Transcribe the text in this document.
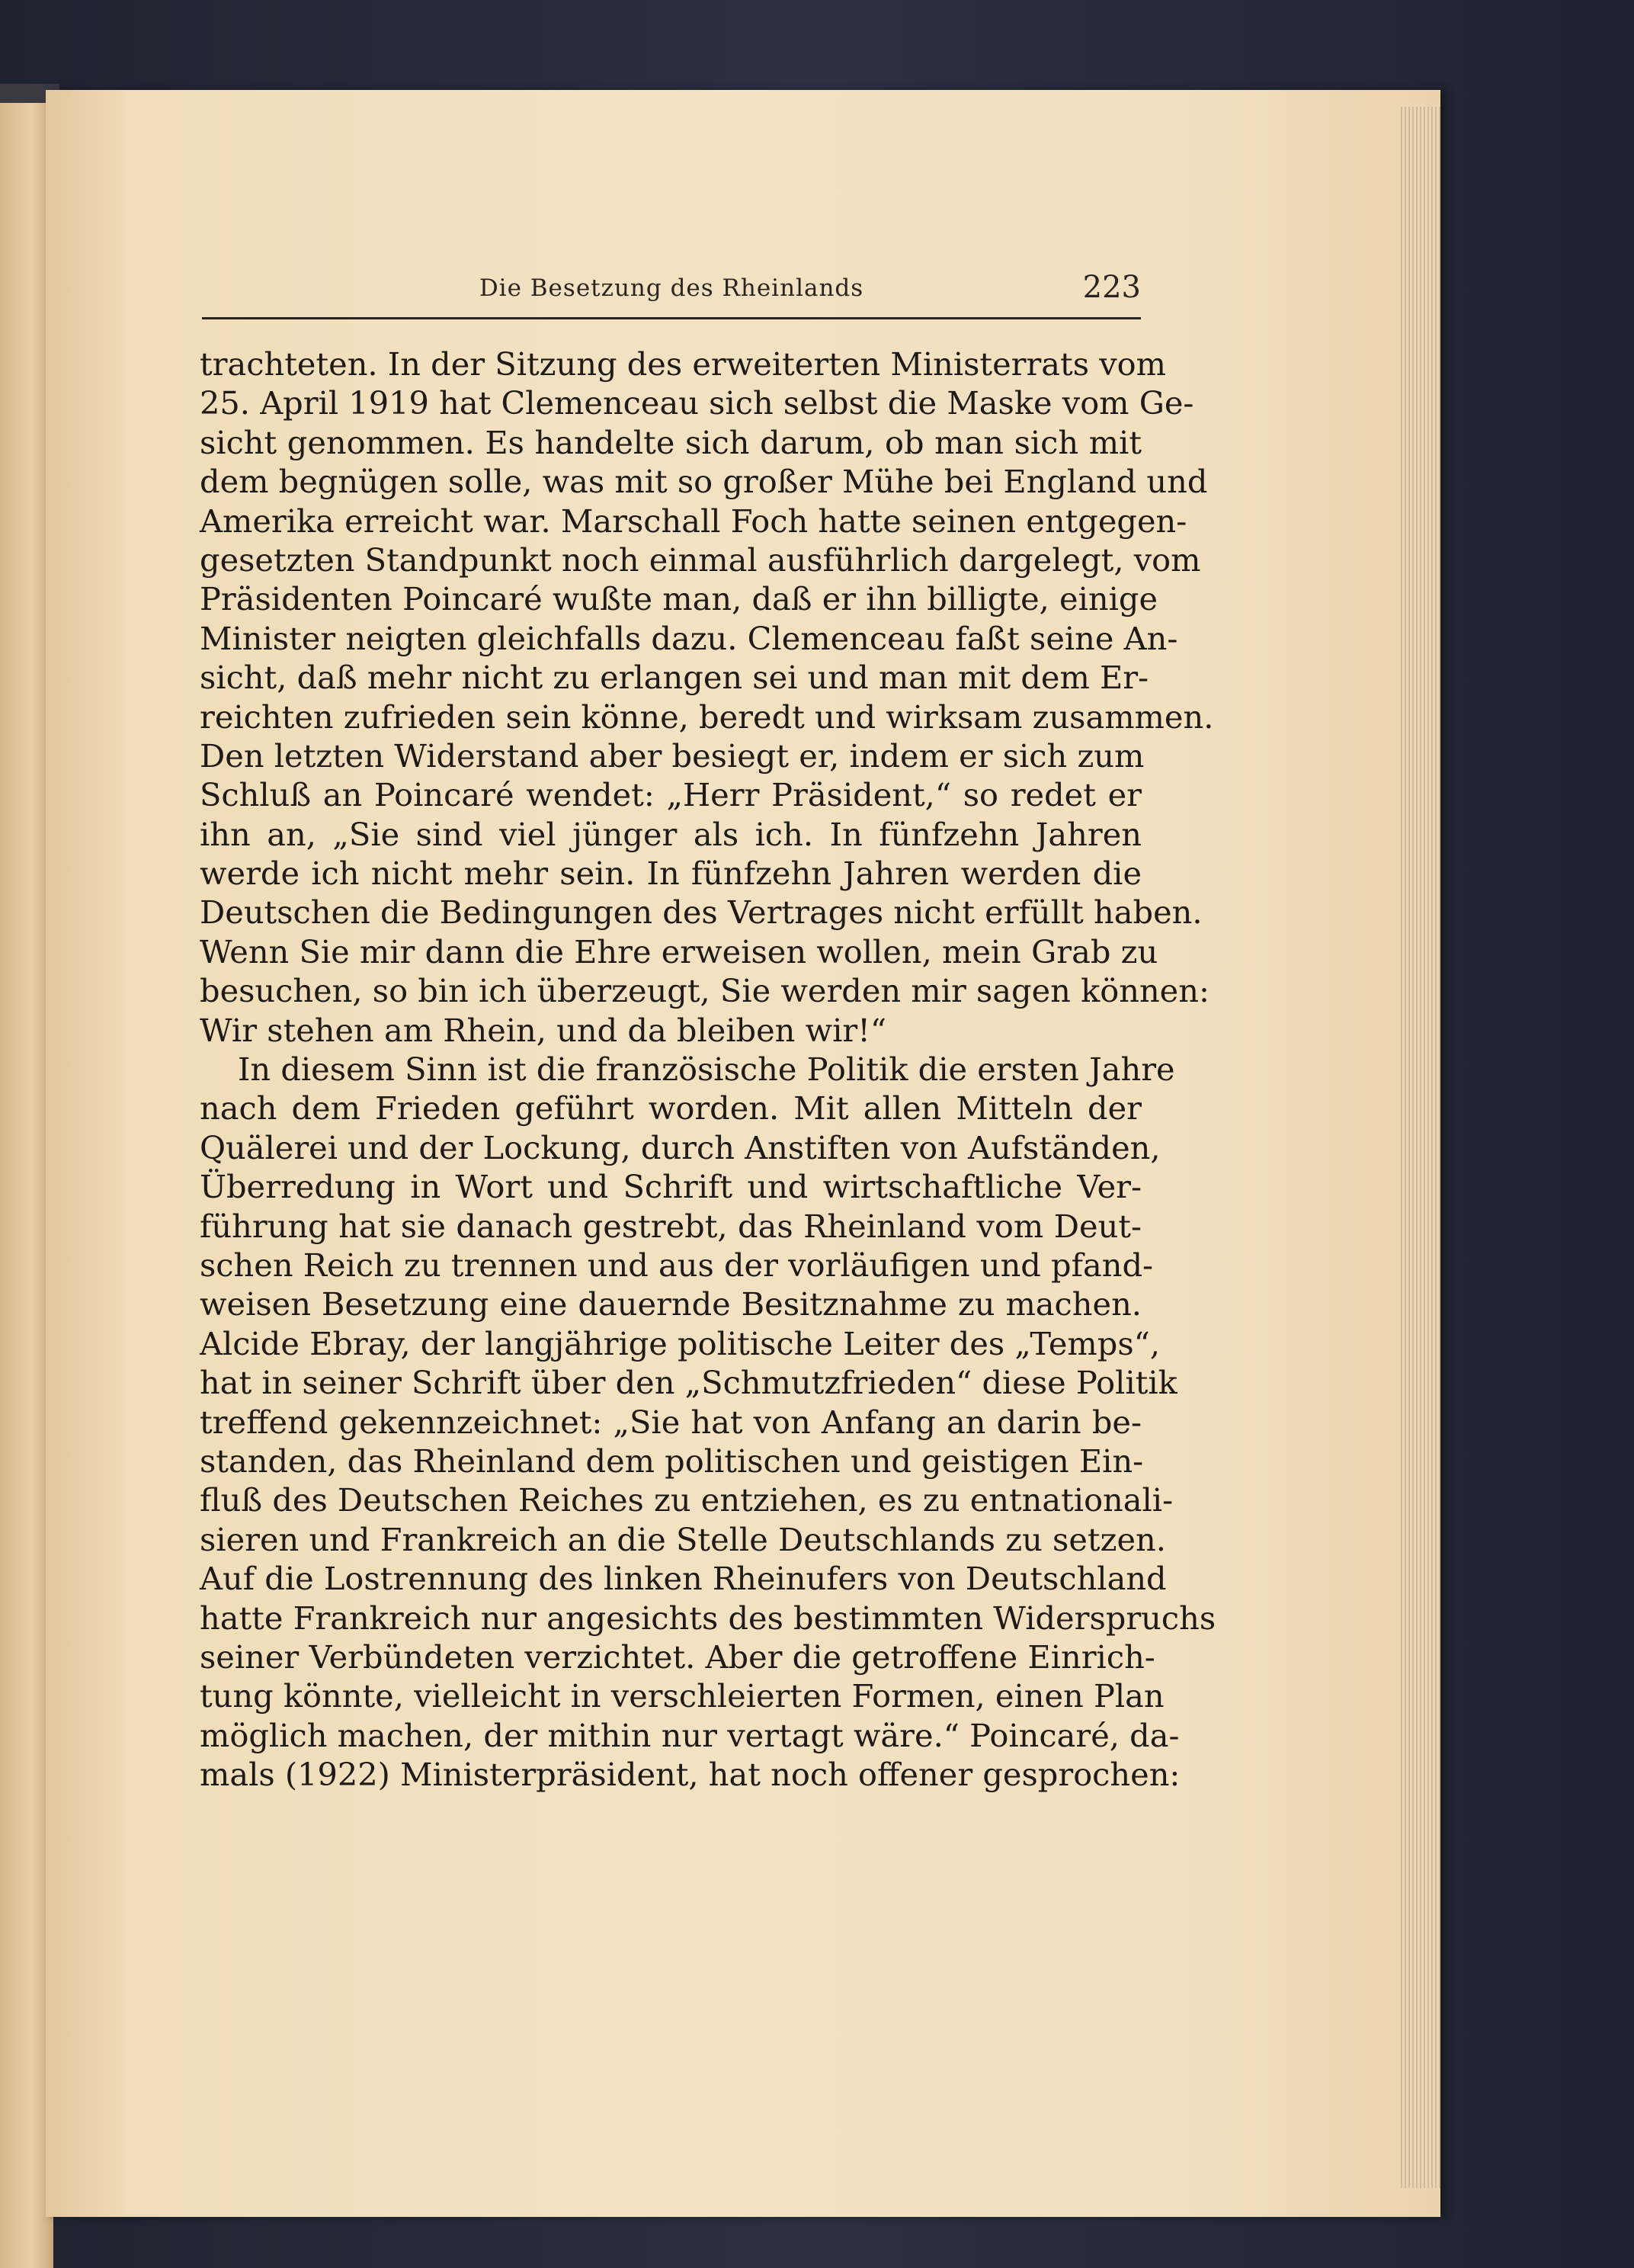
Die Besetzung des Rheinlands	223
trachteten. In der Sitzung des erweiterten Ministerrats vom
25. April 1919 hat Clemenceau sich selbst die Maske vom Ge-
sicht genommen. Es handelte sich darum, ob man sich mit
dem begnügen solle, was mit so großer Mühe bei England und
Amerika erreicht war. Marschall Foch hatte seinen entgegen-
gesetzten Standpunkt noch einmal ausführlich dargelegt, vom
Präsidenten Poincaré wußte man, daß er ihn billigte, einige
Minister neigten gleichfalls dazu. Clemenceau faßt seine An-
sicht, daß mehr nicht zu erlangen sei und man mit dem Er-
reichten zufrieden sein könne, beredt und wirksam zusammen.
Den letzten Widerstand aber besiegt er, indem er sich zum
Schluß an Poincaré wendet: „Herr Präsident,“ so redet er
ihn an, „Sie sind viel jünger als ich. In fünfzehn Jahren
werde ich nicht mehr sein. In fünfzehn Jahren werden die
Deutschen die Bedingungen des Vertrages nicht erfüllt haben.
Wenn Sie mir dann die Ehre erweisen wollen, mein Grab zu
besuchen, so bin ich überzeugt, Sie werden mir sagen können:
Wir stehen am Rhein, und da bleiben wir!“
In diesem Sinn ist die französische Politik die ersten Jahre
nach dem Frieden geführt worden. Mit allen Mitteln der
Quälerei und der Lockung, durch Anstiften von Aufständen,
Überredung in Wort und Schrift und wirtschaftliche Ver-
führung hat sie danach gestrebt, das Rheinland vom Deut-
schen Reich zu trennen und aus der vorläufigen und pfand-
weisen Besetzung eine dauernde Besitznahme zu machen.
Alcide Ebray, der langjährige politische Leiter des „Temps“,
hat in seiner Schrift über den „Schmutzfrieden“ diese Politik
treffend gekennzeichnet: „Sie hat von Anfang an darin be-
standen, das Rheinland dem politischen und geistigen Ein-
fluß des Deutschen Reiches zu entziehen, es zu entnationali-
sieren und Frankreich an die Stelle Deutschlands zu setzen.
Auf die Lostrennung des linken Rheinufers von Deutschland
hatte Frankreich nur angesichts des bestimmten Widerspruchs
seiner Verbündeten verzichtet. Aber die getroffene Einrich-
tung könnte, vielleicht in verschleierten Formen, einen Plan
möglich machen, der mithin nur vertagt wäre.“ Poincaré, da-
mals (1922) Ministerpräsident, hat noch offener gesprochen:
